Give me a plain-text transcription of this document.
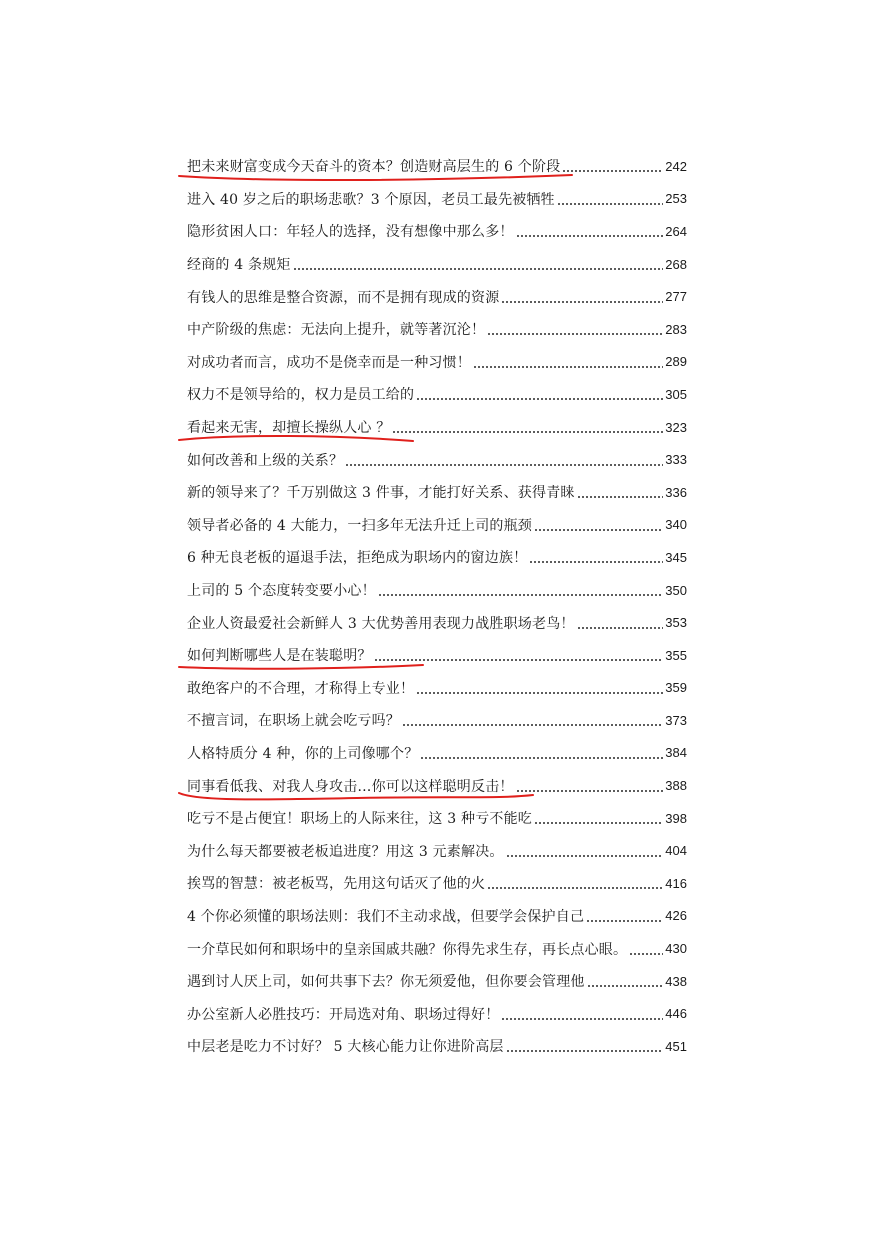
把未来财富变成今天奋斗的资本？创造财高层生的 6 个阶段	242
进入 40 岁之后的职场悲歌？3 个原因，老员工最先被牺牲	253
隐形贫困人口：年轻人的选择，没有想像中那么多！	264
经商的 4 条规矩	268
有钱人的思维是整合资源，而不是拥有现成的资源	277
中产阶级的焦虑：无法向上提升，就等著沉沦！	283
对成功者而言，成功不是侥幸而是一种习惯！	289
权力不是领导给的，权力是员工给的	305
看起来无害，却擅长操纵人心 ？	323
如何改善和上级的关系？	333
新的领导来了？千万别做这 3 件事，才能打好关系、获得青睐	336
领导者必备的 4 大能力，一扫多年无法升迁上司的瓶颈	340
6 种无良老板的逼退手法，拒绝成为职场内的窗边族！	345
上司的 5 个态度转变要小心！	350
企业人资最爱社会新鲜人 3 大优势善用表现力战胜职场老鸟！	353
如何判断哪些人是在装聪明？	355
敢绝客户的不合理，才称得上专业！	359
不擅言词，在职场上就会吃亏吗？	373
人格特质分 4 种，你的上司像哪个？	384
同事看低我、对我人身攻击…你可以这样聪明反击！	388
吃亏不是占便宜！职场上的人际来往，这 3 种亏不能吃	398
为什么每天都要被老板追进度？用这 3 元素解决。	404
挨骂的智慧：被老板骂，先用这句话灭了他的火	416
4 个你必须懂的职场法则：我们不主动求战，但要学会保护自己	426
一介草民如何和职场中的皇亲国戚共融？你得先求生存，再长点心眼。	430
遇到讨人厌上司，如何共事下去？你无须爱他，但你要会管理他	438
办公室新人必胜技巧：开局选对角、职场过得好！	446
中层老是吃力不讨好？ 5 大核心能力让你进阶高层	451
